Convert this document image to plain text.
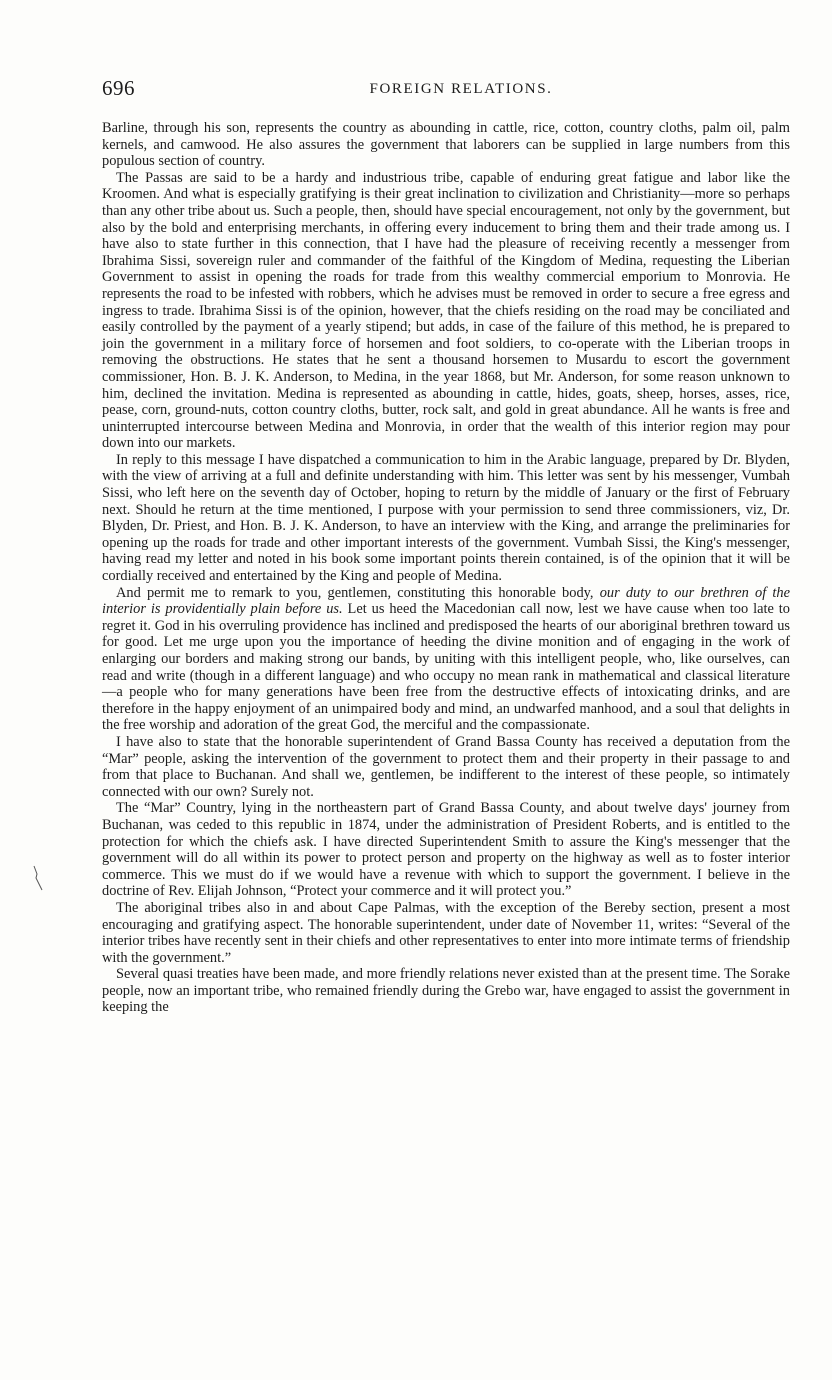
696	FOREIGN RELATIONS.

Barline, through his son, represents the country as abounding in cattle, rice, cotton, country cloths, palm oil, palm kernels, and camwood. He also assures the government that laborers can be supplied in large numbers from this populous section of country.

The Passas are said to be a hardy and industrious tribe, capable of enduring great fatigue and labor like the Kroomen. And what is especially gratifying is their great inclination to civilization and Christianity—more so perhaps than any other tribe about us. Such a people, then, should have special encouragement, not only by the government, but also by the bold and enterprising merchants, in offering every inducement to bring them and their trade among us. I have also to state further in this connection, that I have had the pleasure of receiving recently a messenger from Ibrahima Sissi, sovereign ruler and commander of the faithful of the Kingdom of Medina, requesting the Liberian Government to assist in opening the roads for trade from this wealthy commercial emporium to Monrovia. He represents the road to be infested with robbers, which he advises must be removed in order to secure a free egress and ingress to trade. Ibrahima Sissi is of the opinion, however, that the chiefs residing on the road may be conciliated and easily controlled by the payment of a yearly stipend; but adds, in case of the failure of this method, he is prepared to join the government in a military force of horsemen and foot soldiers, to co-operate with the Liberian troops in removing the obstructions. He states that he sent a thousand horsemen to Musardu to escort the government commissioner, Hon. B. J. K. Anderson, to Medina, in the year 1868, but Mr. Anderson, for some reason unknown to him, declined the invitation. Medina is represented as abounding in cattle, hides, goats, sheep, horses, asses, rice, pease, corn, ground-nuts, cotton country cloths, butter, rock salt, and gold in great abundance. All he wants is free and uninterrupted intercourse between Medina and Monrovia, in order that the wealth of this interior region may pour down into our markets.

In reply to this message I have dispatched a communication to him in the Arabic language, prepared by Dr. Blyden, with the view of arriving at a full and definite understanding with him. This letter was sent by his messenger, Vumbah Sissi, who left here on the seventh day of October, hoping to return by the middle of January or the first of February next. Should he return at the time mentioned, I purpose with your permission to send three commissioners, viz, Dr. Blyden, Dr. Priest, and Hon. B. J. K. Anderson, to have an interview with the King, and arrange the preliminaries for opening up the roads for trade and other important interests of the government. Vumbah Sissi, the King's messenger, having read my letter and noted in his book some important points therein contained, is of the opinion that it will be cordially received and entertained by the King and people of Medina.

And permit me to remark to you, gentlemen, constituting this honorable body, our duty to our brethren of the interior is providentially plain before us. Let us heed the Macedonian call now, lest we have cause when too late to regret it. God in his overruling providence has inclined and predisposed the hearts of our aboriginal brethren toward us for good. Let me urge upon you the importance of heeding the divine monition and of engaging in the work of enlarging our borders and making strong our bands, by uniting with this intelligent people, who, like ourselves, can read and write (though in a different language) and who occupy no mean rank in mathematical and classical literature—a people who for many generations have been free from the destructive effects of intoxicating drinks, and are therefore in the happy enjoyment of an unimpaired body and mind, an undwarfed manhood, and a soul that delights in the free worship and adoration of the great God, the merciful and the compassionate.

I have also to state that the honorable superintendent of Grand Bassa County has received a deputation from the “Mar” people, asking the intervention of the government to protect them and their property in their passage to and from that place to Buchanan. And shall we, gentlemen, be indifferent to the interest of these people, so intimately connected with our own? Surely not.

The “Mar” Country, lying in the northeastern part of Grand Bassa County, and about twelve days' journey from Buchanan, was ceded to this republic in 1874, under the administration of President Roberts, and is entitled to the protection for which the chiefs ask. I have directed Superintendent Smith to assure the King's messenger that the government will do all within its power to protect person and property on the highway as well as to foster interior commerce. This we must do if we would have a revenue with which to support the government. I believe in the doctrine of Rev. Elijah Johnson, “Protect your commerce and it will protect you.”

The aboriginal tribes also in and about Cape Palmas, with the exception of the Bereby section, present a most encouraging and gratifying aspect. The honorable superintendent, under date of November 11, writes: “Several of the interior tribes have recently sent in their chiefs and other representatives to enter into more intimate terms of friendship with the government.”

Several quasi treaties have been made, and more friendly relations never existed than at the present time. The Sorake people, now an important tribe, who remained friendly during the Grebo war, have engaged to assist the government in keeping the
